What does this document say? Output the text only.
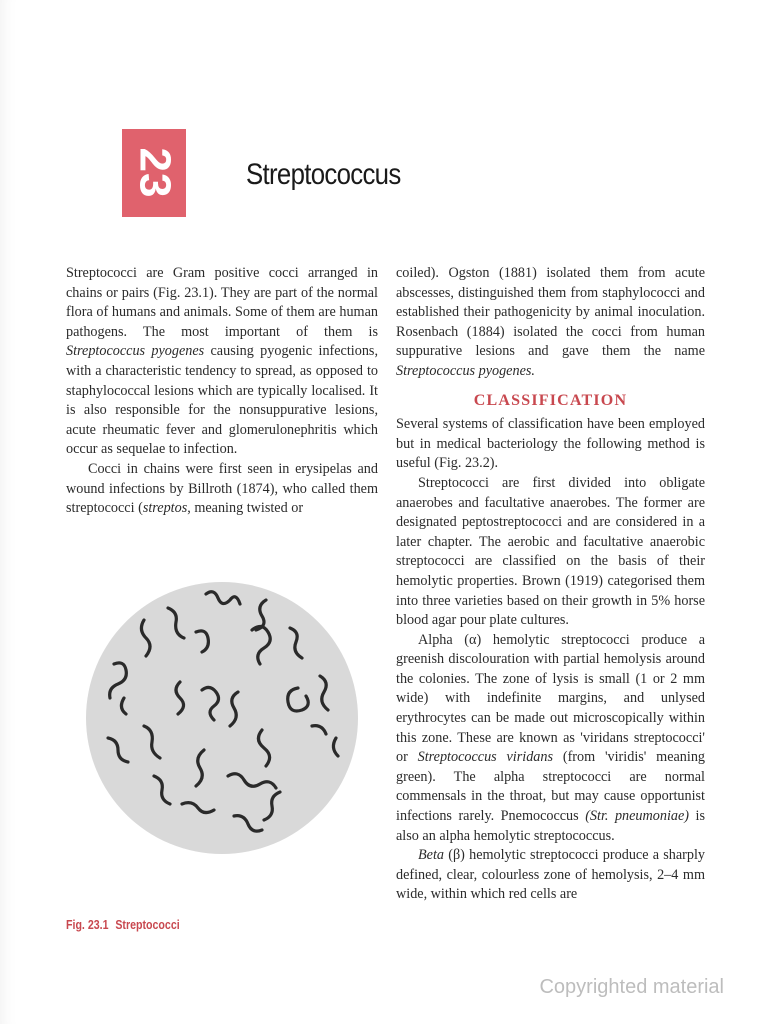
23 Streptococcus

Streptococci are Gram positive cocci arranged in chains or pairs (Fig. 23.1). They are part of the normal flora of humans and animals. Some of them are human pathogens. The most important of them is Streptococcus pyogenes causing pyogenic infections, with a characteristic tendency to spread, as opposed to staphylococcal lesions which are typically localised. It is also responsible for the nonsuppurative lesions, acute rheumatic fever and glomerulonephritis which occur as sequelae to infection.

Cocci in chains were first seen in erysipelas and wound infections by Billroth (1874), who called them streptococci (streptos, meaning twisted or

coiled). Ogston (1881) isolated them from acute abscesses, distinguished them from staphylococci and established their pathogenicity by animal inoculation. Rosenbach (1884) isolated the cocci from human suppurative lesions and gave them the name Streptococcus pyogenes.

CLASSIFICATION

Several systems of classification have been employed but in medical bacteriology the following method is useful (Fig. 23.2).

Streptococci are first divided into obligate anaerobes and facultative anaerobes. The former are designated peptostreptococci and are considered in a later chapter. The aerobic and facultative anaerobic streptococci are classified on the basis of their hemolytic properties. Brown (1919) categorised them into three varieties based on their growth in 5% horse blood agar pour plate cultures.

Alpha (α) hemolytic streptococci produce a greenish discolouration with partial hemolysis around the colonies. The zone of lysis is small (1 or 2 mm wide) with indefinite margins, and unlysed erythrocytes can be made out microscopically within this zone. These are known as 'viridans streptococci' or Streptococcus viridans (from 'viridis' meaning green). The alpha streptococci are normal commensals in the throat, but may cause opportunist infections rarely. Pnemococcus (Str. pneumoniae) is also an alpha hemolytic streptococcus.

Beta (β) hemolytic streptococci produce a sharply defined, clear, colourless zone of hemolysis, 2–4 mm wide, within which red cells are

Fig. 23.1 Streptococci
Copyrighted material
